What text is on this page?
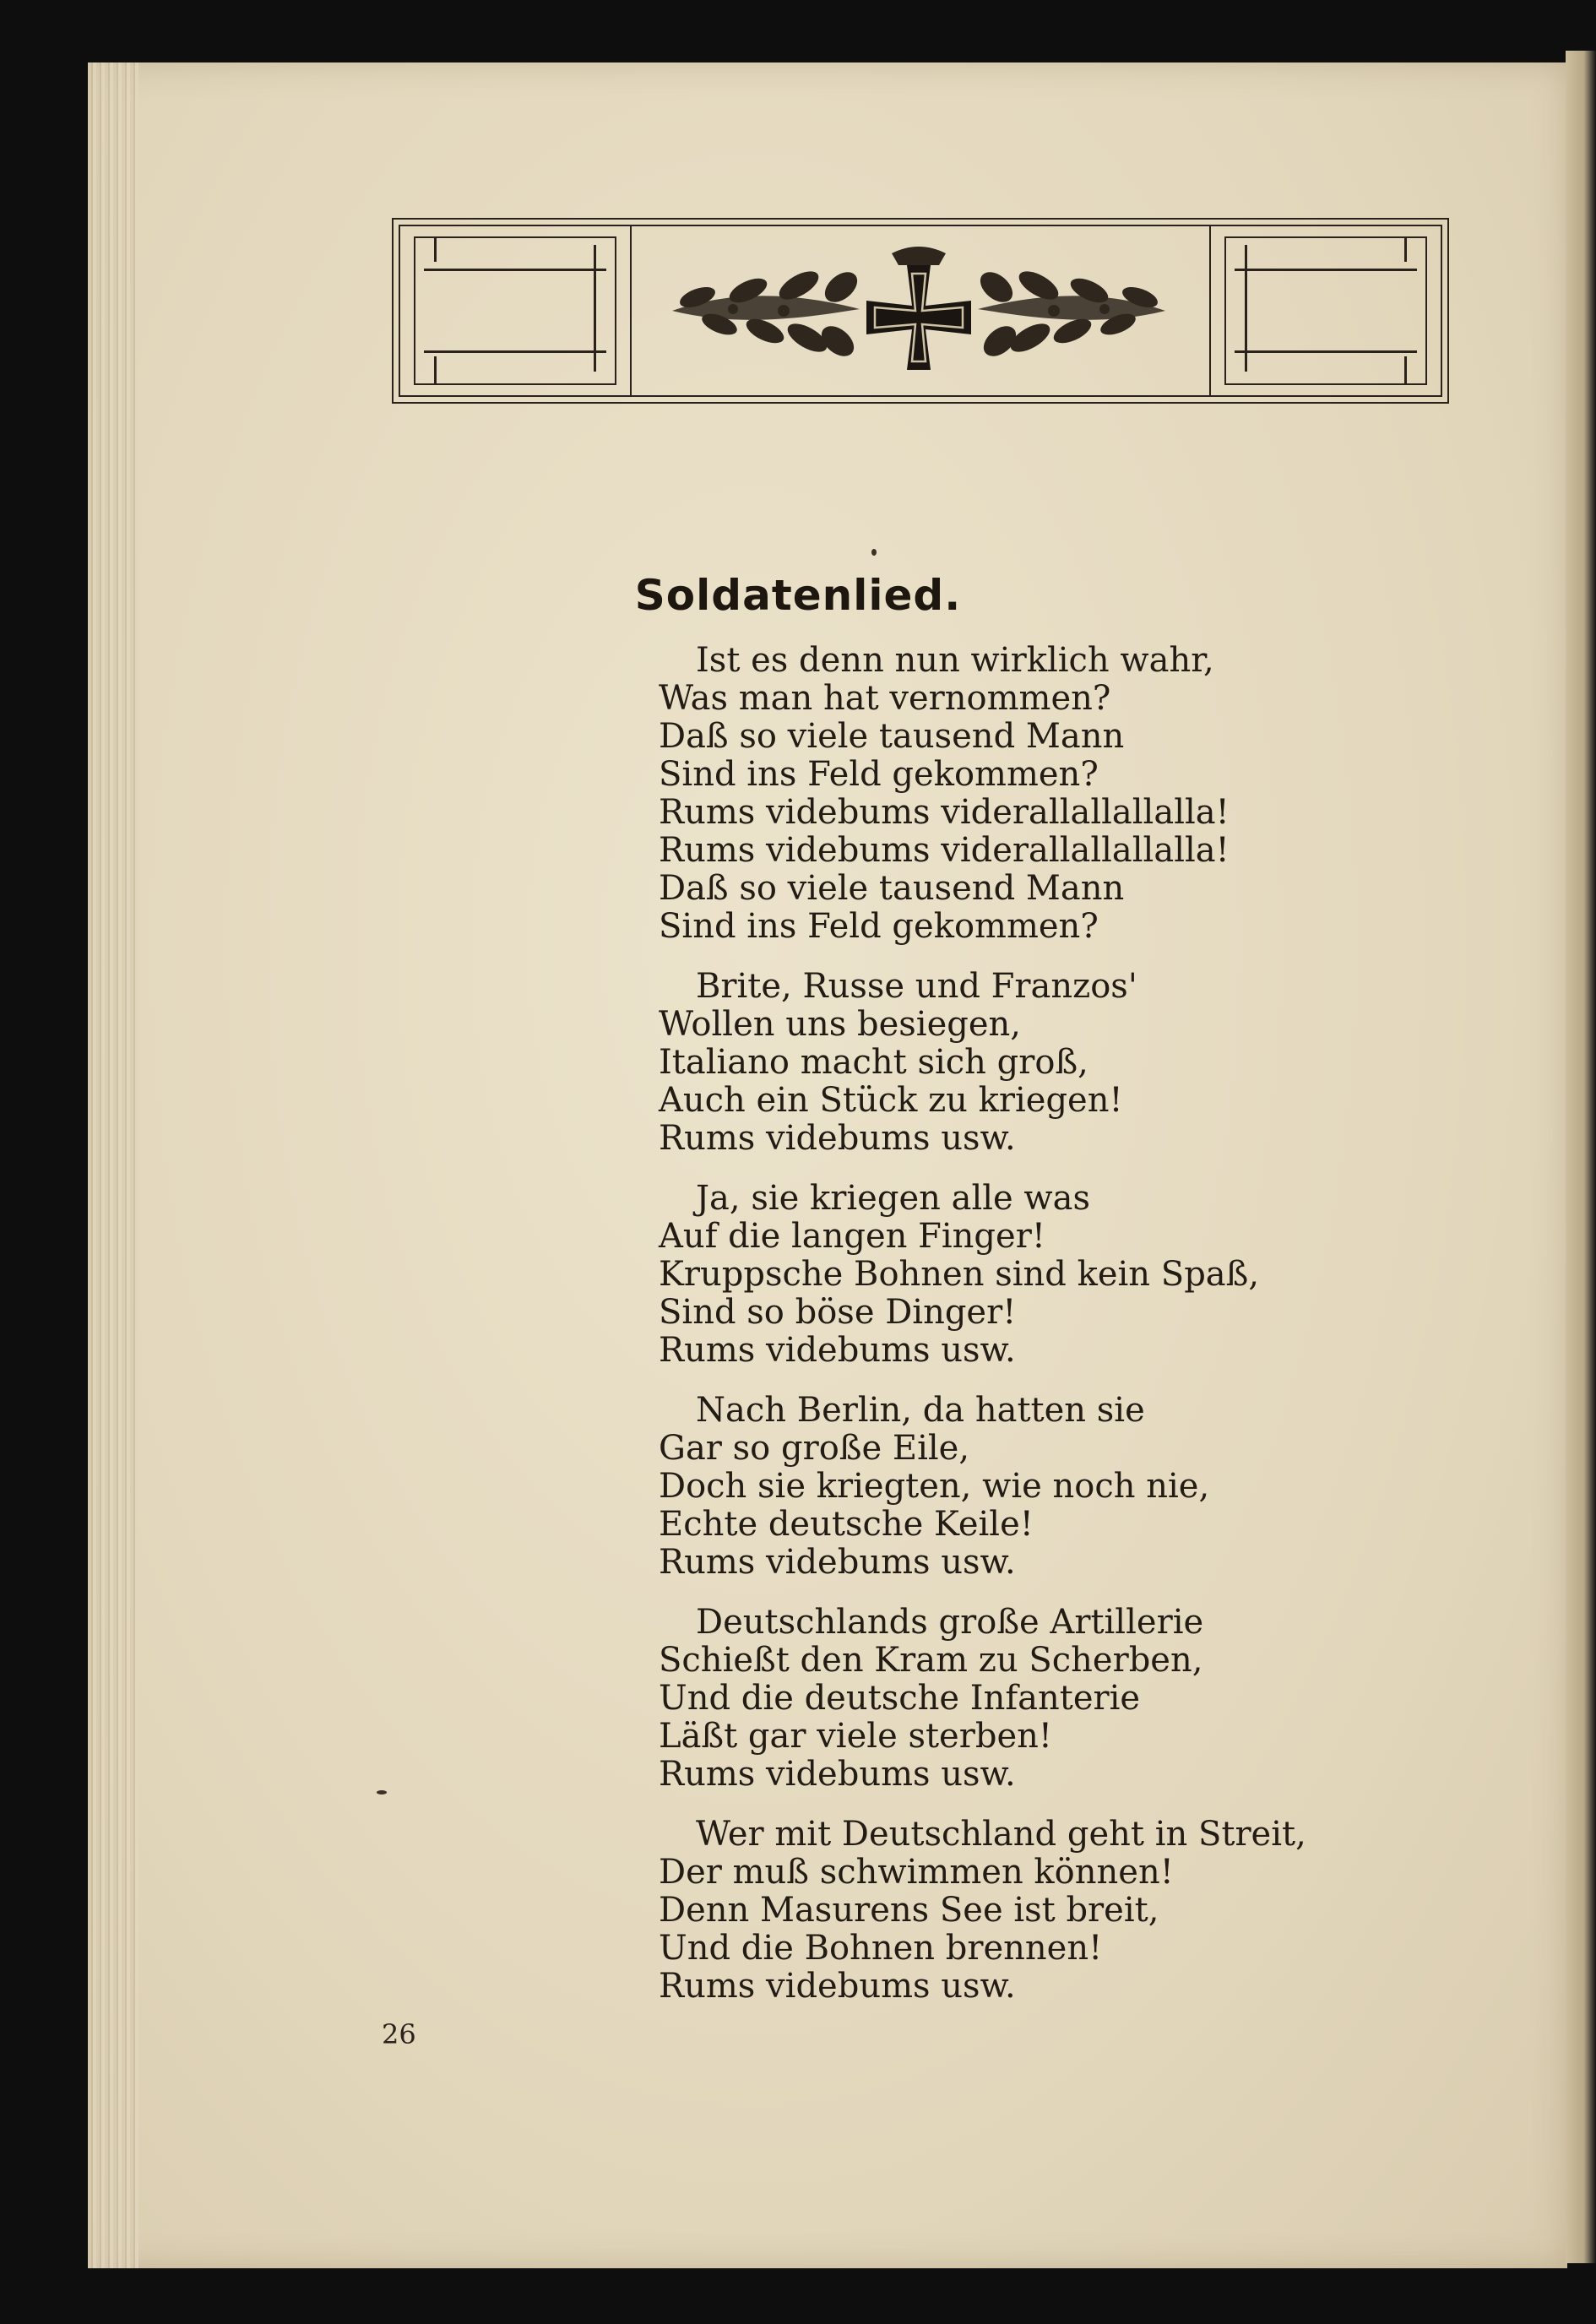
Soldatenlied.
Ist es denn nun wirklich wahr,
Was man hat vernommen?
Daß so viele tausend Mann
Sind ins Feld gekommen?
Rums videbums viderallallallalla!
Rums videbums viderallallallalla!
Daß so viele tausend Mann
Sind ins Feld gekommen?
Brite, Russe und Franzos'
Wollen uns besiegen,
Italiano macht sich groß,
Auch ein Stück zu kriegen!
Rums videbums usw.
Ja, sie kriegen alle was
Auf die langen Finger!
Kruppsche Bohnen sind kein Spaß,
Sind so böse Dinger!
Rums videbums usw.
Nach Berlin, da hatten sie
Gar so große Eile,
Doch sie kriegten, wie noch nie,
Echte deutsche Keile!
Rums videbums usw.
Deutschlands große Artillerie
Schießt den Kram zu Scherben,
Und die deutsche Infanterie
Läßt gar viele sterben!
Rums videbums usw.
Wer mit Deutschland geht in Streit,
Der muß schwimmen können!
Denn Masurens See ist breit,
Und die Bohnen brennen!
Rums videbums usw.
26
